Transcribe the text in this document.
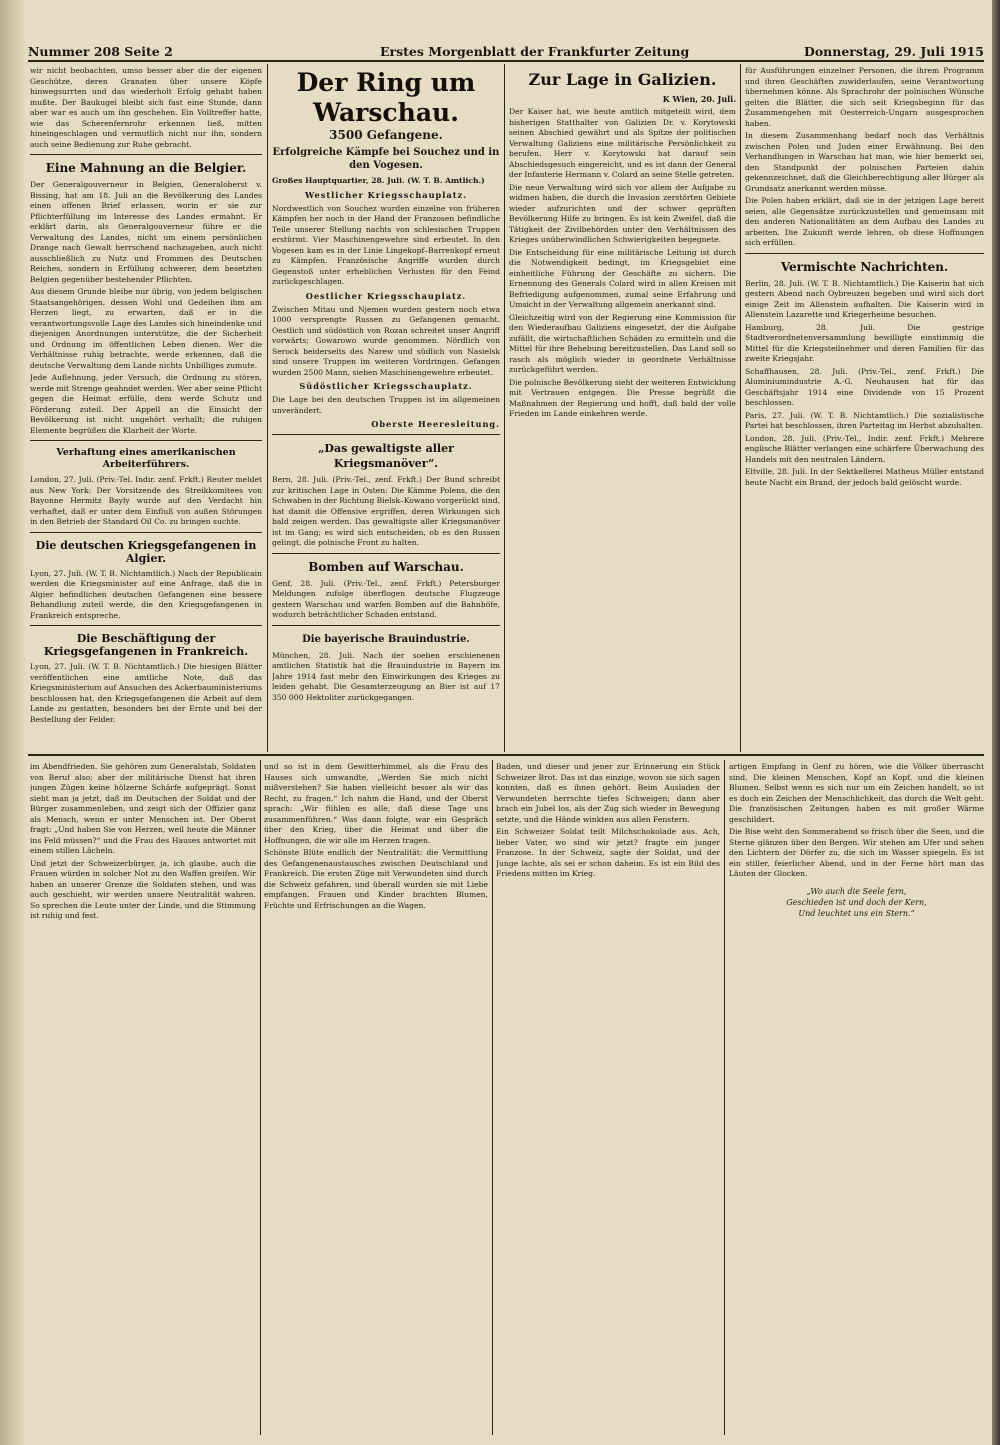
Nummer 208 Seite 2	Erstes Morgenblatt der Frankfurter Zeitung	Donnerstag, 29. Juli 1915

wir nicht beobachten, umso besser aber die der eigenen Geschütze, deren Granaten über unsere Köpfe hinwegsurrten und das wiederholt Erfolg gehabt haben mußte. Der Baukugel bleibt sich fast eine Stunde, dann aber war es auch um ihn geschehen. Ein Volltreffer hatte, wie das Scherenfernrohr erkennen ließ, mitten hineingeschlagen und vermutlich nicht nur ihn, sondern auch seine Bedienung zur Ruhe gebracht.

Eine Mahnung an die Belgier.

Der Generalgouverneur in Belgien, Generaloberst v. Bissing, hat am 18. Juli an die Bevölkerung des Landes einen offenen Brief erlassen, worin er sie zur Pflichterfüllung im Interesse des Landes ermahnt. Er erklärt darin, als Generalgouverneur führe er die Verwaltung des Landes, nicht um einem persönlichen Drange nach Gewalt herrschend nachzugeben, auch nicht ausschließlich zu Nutz und Frommen des Deutschen Reiches, sondern in Erfüllung schwerer, dem besetzten Belgien gegenüber bestehender Pflichten.

Aus diesem Grunde bleibe nur übrig, von jedem belgischen Staatsangehörigen, dessen Wohl und Gedeihen ihm am Herzen liegt, zu erwarten, daß er in die verantwortungsvolle Lage des Landes sich hineindenke und diejenigen Anordnungen unterstütze, die der Sicherheit und Ordnung im öffentlichen Leben dienen. Wer die Verhältnisse ruhig betrachte, werde erkennen, daß die deutsche Verwaltung dem Lande nichts Unbilliges zumute.

Jede Auflehnung, jeder Versuch, die Ordnung zu stören, werde mit Strenge geahndet werden. Wer aber seine Pflicht gegen die Heimat erfülle, dem werde Schutz und Förderung zuteil. Der Appell an die Einsicht der Bevölkerung ist nicht ungehört verhallt; die ruhigen Elemente begrüßen die Klarheit der Worte.

Verhaftung eines amerikanischen Arbeiterführers.

London, 27. Juli. (Priv.-Tel. Indir. zenf. Frkft.) Reuter meldet aus New York: Der Vorsitzende des Streikkomitees von Bayonne Hermitz Bayly wurde auf den Verdacht hin verhaftet, daß er unter dem Einfluß von außen Störungen in den Betrieb der Standard Oil Co. zu bringen suchte.

Die deutschen Kriegsgefangenen in Algier.

Lyon, 27. Juli. (W. T. B. Nichtamtlich.) Nach der Republicain werden die Kriegsminister auf eine Anfrage, daß die in Algier befindlichen deutschen Gefangenen eine bessere Behandlung zuteil werde, die den Kriegsgefangenen in Frankreich entspreche.

Die Beschäftigung der Kriegsgefangenen in Frankreich.

Lyon, 27. Juli. (W. T. B. Nichtamtlich.) Die hiesigen Blätter veröffentlichen eine amtliche Note, daß das Kriegsministerium auf Ansuchen des Ackerbauministeriums beschlossen hat, den Kriegsgefangenen die Arbeit auf dem Lande zu gestatten, besonders bei der Ernte und bei der Bestellung der Felder.

Der Ring um Warschau.
3500 Gefangene.
Erfolgreiche Kämpfe bei Souchez und in den Vogesen.

Großes Hauptquartier, 28. Juli. (W. T. B. Amtlich.)

Westlicher Kriegsschauplatz.

Nordwestlich von Souchez wurden einzelne von früheren Kämpfen her noch in der Hand der Franzosen befindliche Teile unserer Stellung nachts von schlesischen Truppen erstürmt. Vier Maschinengewehre sind erbeutet. In den Vogesen kam es in der Linie Lingekopf–Barrenkopf erneut zu Kämpfen. Französische Angriffe wurden durch Gegenstoß unter erheblichen Verlusten für den Feind zurückgeschlagen.

Oestlicher Kriegsschauplatz.

Zwischen Mitau und Njemen wurden gestern noch etwa 1000 versprengte Russen zu Gefangenen gemacht. Oestlich und südöstlich von Rozan schreitet unser Angriff vorwärts; Gowarowo wurde genommen. Nördlich von Serock beiderseits des Narew und südlich von Nasielsk sind unsere Truppen im weiteren Vordringen. Gefangen wurden 2500 Mann, sieben Maschinengewehre erbeutet.

Südöstlicher Kriegsschauplatz.

Die Lage bei den deutschen Truppen ist im allgemeinen unverändert.

Oberste Heeresleitung.
„Das gewaltigste aller Kriegsmanöver“.

Bern, 28. Juli. (Priv.-Tel., zenf. Frkft.) Der Bund schreibt zur kritischen Lage in Osten: Die Kämme Polens, die den Schwaben in der Richtung Bielsk–Kowano vorgerückt sind, hat damit die Offensive ergriffen, deren Wirkungen sich bald zeigen werden. Das gewaltigste aller Kriegsmanöver ist im Gang; es wird sich entscheiden, ob es den Russen gelingt, die polnische Front zu halten.

Bomben auf Warschau.

Genf, 28. Juli. (Priv.-Tel., zenf. Frkft.) Petersburger Meldungen zufolge überflogen deutsche Flugzeuge gestern Warschau und warfen Bomben auf die Bahnhöfe, wodurch beträchtlicher Schaden entstand.

Die bayerische Brauindustrie.

München, 28. Juli. Nach der soeben erschienenen amtlichen Statistik hat die Brauindustrie in Bayern im Jahre 1914 fast mehr den Einwirkungen des Krieges zu leiden gehabt. Die Gesamterzeugung an Bier ist auf 17 350 000 Hektoliter zurückgegangen.

Zur Lage in Galizien.
K Wien, 20. Juli.

Der Kaiser hat, wie heute amtlich mitgeteilt wird, dem bisherigen Statthalter von Galizien Dr. v. Korytowski seinen Abschied gewährt und als Spitze der politischen Verwaltung Galiziens eine militärische Persönlichkeit zu berufen. Herr v. Korytowski hat darauf sein Abschiedsgesuch eingereicht, und es ist dann der General der Infanterie Hermann v. Colard an seine Stelle getreten.

Die neue Verwaltung wird sich vor allem der Aufgabe zu widmen haben, die durch die Invasion zerstörten Gebiete wieder aufzurichten und der schwer geprüften Bevölkerung Hilfe zu bringen. Es ist kein Zweifel, daß die Tätigkeit der Zivilbehörden unter den Verhältnissen des Krieges unüberwindlichen Schwierigkeiten begegnete.

Die Entscheidung für eine militärische Leitung ist durch die Notwendigkeit bedingt, im Kriegsgebiet eine einheitliche Führung der Geschäfte zu sichern. Die Ernennung des Generals Colard wird in allen Kreisen mit Befriedigung aufgenommen, zumal seine Erfahrung und Umsicht in der Verwaltung allgemein anerkannt sind.

Gleichzeitig wird von der Regierung eine Kommission für den Wiederaufbau Galiziens eingesetzt, der die Aufgabe zufällt, die wirtschaftlichen Schäden zu ermitteln und die Mittel für ihre Behebung bereitzustellen. Das Land soll so rasch als möglich wieder in geordnete Verhältnisse zurückgeführt werden.

Die polnische Bevölkerung sieht der weiteren Entwicklung mit Vertrauen entgegen. Die Presse begrüßt die Maßnahmen der Regierung und hofft, daß bald der volle Frieden im Lande einkehren werde.

für Ausführungen einzelner Personen, die ihrem Programm und ihren Geschäften zuwiderlaufen, seine Verantwortung übernehmen könne. Als Sprachrohr der polnischen Wünsche gelten die Blätter, die sich seit Kriegsbeginn für das Zusammengehen mit Oesterreich-Ungarn ausgesprochen haben.

In diesem Zusammenhang bedarf noch das Verhältnis zwischen Polen und Juden einer Erwähnung. Bei den Verhandlungen in Warschau hat man, wie hier bemerkt sei, den Standpunkt der polnischen Parteien dahin gekennzeichnet, daß die Gleichberechtigung aller Bürger als Grundsatz anerkannt werden müsse.

Die Polen haben erklärt, daß sie in der jetzigen Lage bereit seien, alle Gegensätze zurückzustellen und gemeinsam mit den anderen Nationalitäten an dem Aufbau des Landes zu arbeiten. Die Zukunft werde lehren, ob diese Hoffnungen sich erfüllen.

Vermischte Nachrichten.

Berlin, 28. Juli. (W. T. B. Nichtamtlich.) Die Kaiserin hat sich gestern Abend nach Oybreuzen begeben und wird sich dort einige Zeit im Allenstein aufhalten. Die Kaiserin wird in Allenstein Lazarette und Kriegerheime besuchen.

Hamburg, 28. Juli. Die gestrige Stadtverordnetenversammlung bewilligte einstimmig die Mittel für die Kriegsteilnehmer und deren Familien für das zweite Kriegsjahr.

Schaffhausen, 28. Juli. (Priv.-Tel., zenf. Frkft.) Die Aluminiumindustrie A.-G. Neuhausen hat für das Geschäftsjahr 1914 eine Dividende von 15 Prozent beschlossen.

Paris, 27. Juli. (W. T. B. Nichtamtlich.) Die sozialistische Partei hat beschlossen, ihren Parteitag im Herbst abzuhalten.

London, 28. Juli. (Priv.-Tel., Indir. zenf. Frkft.) Mehrere englische Blätter verlangen eine schärfere Überwachung des Handels mit den neutralen Ländern.

Eltville, 28. Juli. In der Sektkellerei Matheus Müller entstand heute Nacht ein Brand, der jedoch bald gelöscht wurde.

im Abendfrieden. Sie gehören zum Generalstab, Soldaten von Beruf also; aber der militärische Dienst hat ihren jungen Zügen keine hölzerne Schärfe aufgeprägt. Sonst sieht man ja jetzt, daß im Deutschen der Soldat und der Bürger zusammenleben, und zeigt sich der Offizier ganz als Mensch, wenn er unter Menschen ist. Der Oberst fragt: „Und haben Sie von Herzen, weil heute die Männer ins Feld müssen?“ und die Frau des Hauses antwortet mit einem stillen Lächeln.

Und jetzt der Schweizerbürger, ja, ich glaube, auch die Frauen würden in solcher Not zu den Waffen greifen. Wir haben an unserer Grenze die Soldaten stehen, und was auch geschieht, wir werden unsere Neutralität wahren. So sprechen die Leute unter der Linde, und die Stimmung ist ruhig und fest.

und so ist in dem Gewitterhimmel, als die Frau des Hauses sich umwandte, „Werden Sie mich nicht mißverstehen? Sie haben vielleicht besser als wir das Recht, zu fragen.“ Ich nahm die Hand, und der Oberst sprach: „Wir fühlen es alle, daß diese Tage uns zusammenführen.“ Was dann folgte, war ein Gespräch über den Krieg, über die Heimat und über die Hoffnungen, die wir alle im Herzen tragen.

Schönste Blüte endlich der Neutralität: die Vermittlung des Gefangenenaustausches zwischen Deutschland und Frankreich. Die ersten Züge mit Verwundeten sind durch die Schweiz gefahren, und überall wurden sie mit Liebe empfangen. Frauen und Kinder brachten Blumen, Früchte und Erfrischungen an die Wagen.

Baden, und dieser und jener zur Erinnerung ein Stück Schweizer Brot. Das ist das einzige, wovon sie sich sagen konnten, daß es ihnen gehört. Beim Ausladen der Verwundeten herrschte tiefes Schweigen; dann aber brach ein Jubel los, als der Zug sich wieder in Bewegung setzte, und die Hände winkten aus allen Fenstern.

Ein Schweizer Soldat teilt Milchschokolade aus. Ach, lieber Vater, wo sind wir jetzt? fragte ein junger Franzose. In der Schweiz, sagte der Soldat, und der Junge lachte, als sei er schon daheim. Es ist ein Bild des Friedens mitten im Krieg.

artigen Empfang in Genf zu hören, wie die Völker überrascht sind. Die kleinen Menschen, Kopf an Kopf, und die kleinen Blumen. Selbst wenn es sich nur um ein Zeichen handelt, so ist es doch ein Zeichen der Menschlichkeit, das durch die Welt geht. Die französischen Zeitungen haben es mit großer Wärme geschildert.

Die Bise weht den Sommerabend so frisch über die Seen, und die Sterne glänzen über den Bergen. Wir stehen am Ufer und sehen den Lichtern der Dörfer zu, die sich im Wasser spiegeln. Es ist ein stiller, feierlicher Abend, und in der Ferne hört man das Läuten der Glocken.

„Wo auch die Seele fern,
Geschieden ist und doch der Kern,
Und leuchtet uns ein Stern.“
